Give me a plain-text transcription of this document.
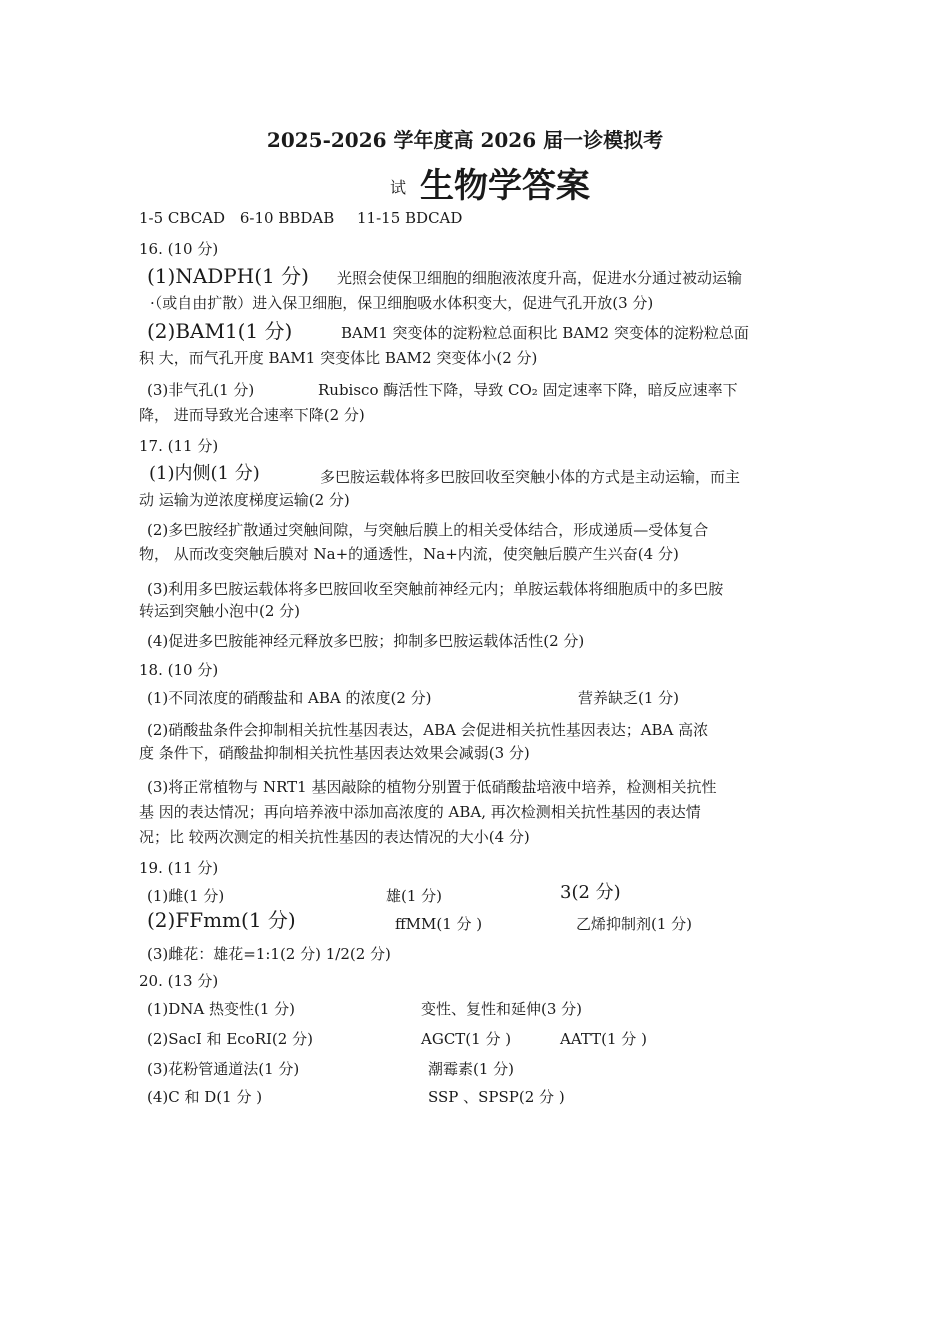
2025-2026 学年度高 2026 届一诊模拟考
试 生物学答案
1-5 CBCAD 6-10 BBDAB 11-15 BDCAD
16. (10 分)
(1)NADPH(1 分) 光照会使保卫细胞的细胞液浓度升高，促进水分通过被动运输
·（或自由扩散）进入保卫细胞，保卫细胞吸水体积变大，促进气孔开放(3 分)
(2)BAM1(1 分)	BAM1 突变体的淀粉粒总面积比 BAM2 突变体的淀粉粒总面
积 大，而气孔开度 BAM1 突变体比 BAM2 突变体小(2 分)
(3)非气孔(1 分)	Rubisco 酶活性下降，导致 CO₂ 固定速率下降，暗反应速率下
降， 进而导致光合速率下降(2 分)
17. (11 分)
(1)内侧(1 分)	多巴胺运载体将多巴胺回收至突触小体的方式是主动运输，而主
动 运输为逆浓度梯度运输(2 分)
(2)多巴胺经扩散通过突触间隙，与突触后膜上的相关受体结合，形成递质—受体复合
物， 从而改变突触后膜对 Na+的通透性，Na+内流，使突触后膜产生兴奋(4 分)
(3)利用多巴胺运载体将多巴胺回收至突触前神经元内；单胺运载体将细胞质中的多巴胺
转运到突触小泡中(2 分)
(4)促进多巴胺能神经元释放多巴胺；抑制多巴胺运载体活性(2 分)
18. (10 分)
(1)不同浓度的硝酸盐和 ABA 的浓度(2 分)	营养缺乏(1 分)
(2)硝酸盐条件会抑制相关抗性基因表达，ABA 会促进相关抗性基因表达；ABA 高浓
度 条件下，硝酸盐抑制相关抗性基因表达效果会减弱(3 分)
(3)将正常植物与 NRT1 基因敲除的植物分别置于低硝酸盐培液中培养，检测相关抗性
基 因的表达情况；再向培养液中添加高浓度的 ABA, 再次检测相关抗性基因的表达情
况；比 较两次测定的相关抗性基因的表达情况的大小(4 分)
19. (11 分)
(1)雌(1 分)	雄(1 分)	3(2 分)
(2)FFmm(1 分)	ffMM(1 分 )	乙烯抑制剂(1 分)
(3)雌花：雄花=1:1(2 分) 1/2(2 分)
20. (13 分)
(1)DNA 热变性(1 分)	变性、复性和延伸(3 分)
(2)SacI 和 EcoRI(2 分)	AGCT(1 分 )	AATT(1 分 )
(3)花粉管通道法(1 分)	潮霉素(1 分)
(4)C 和 D(1 分 )	SSP 、SPSP(2 分 )
